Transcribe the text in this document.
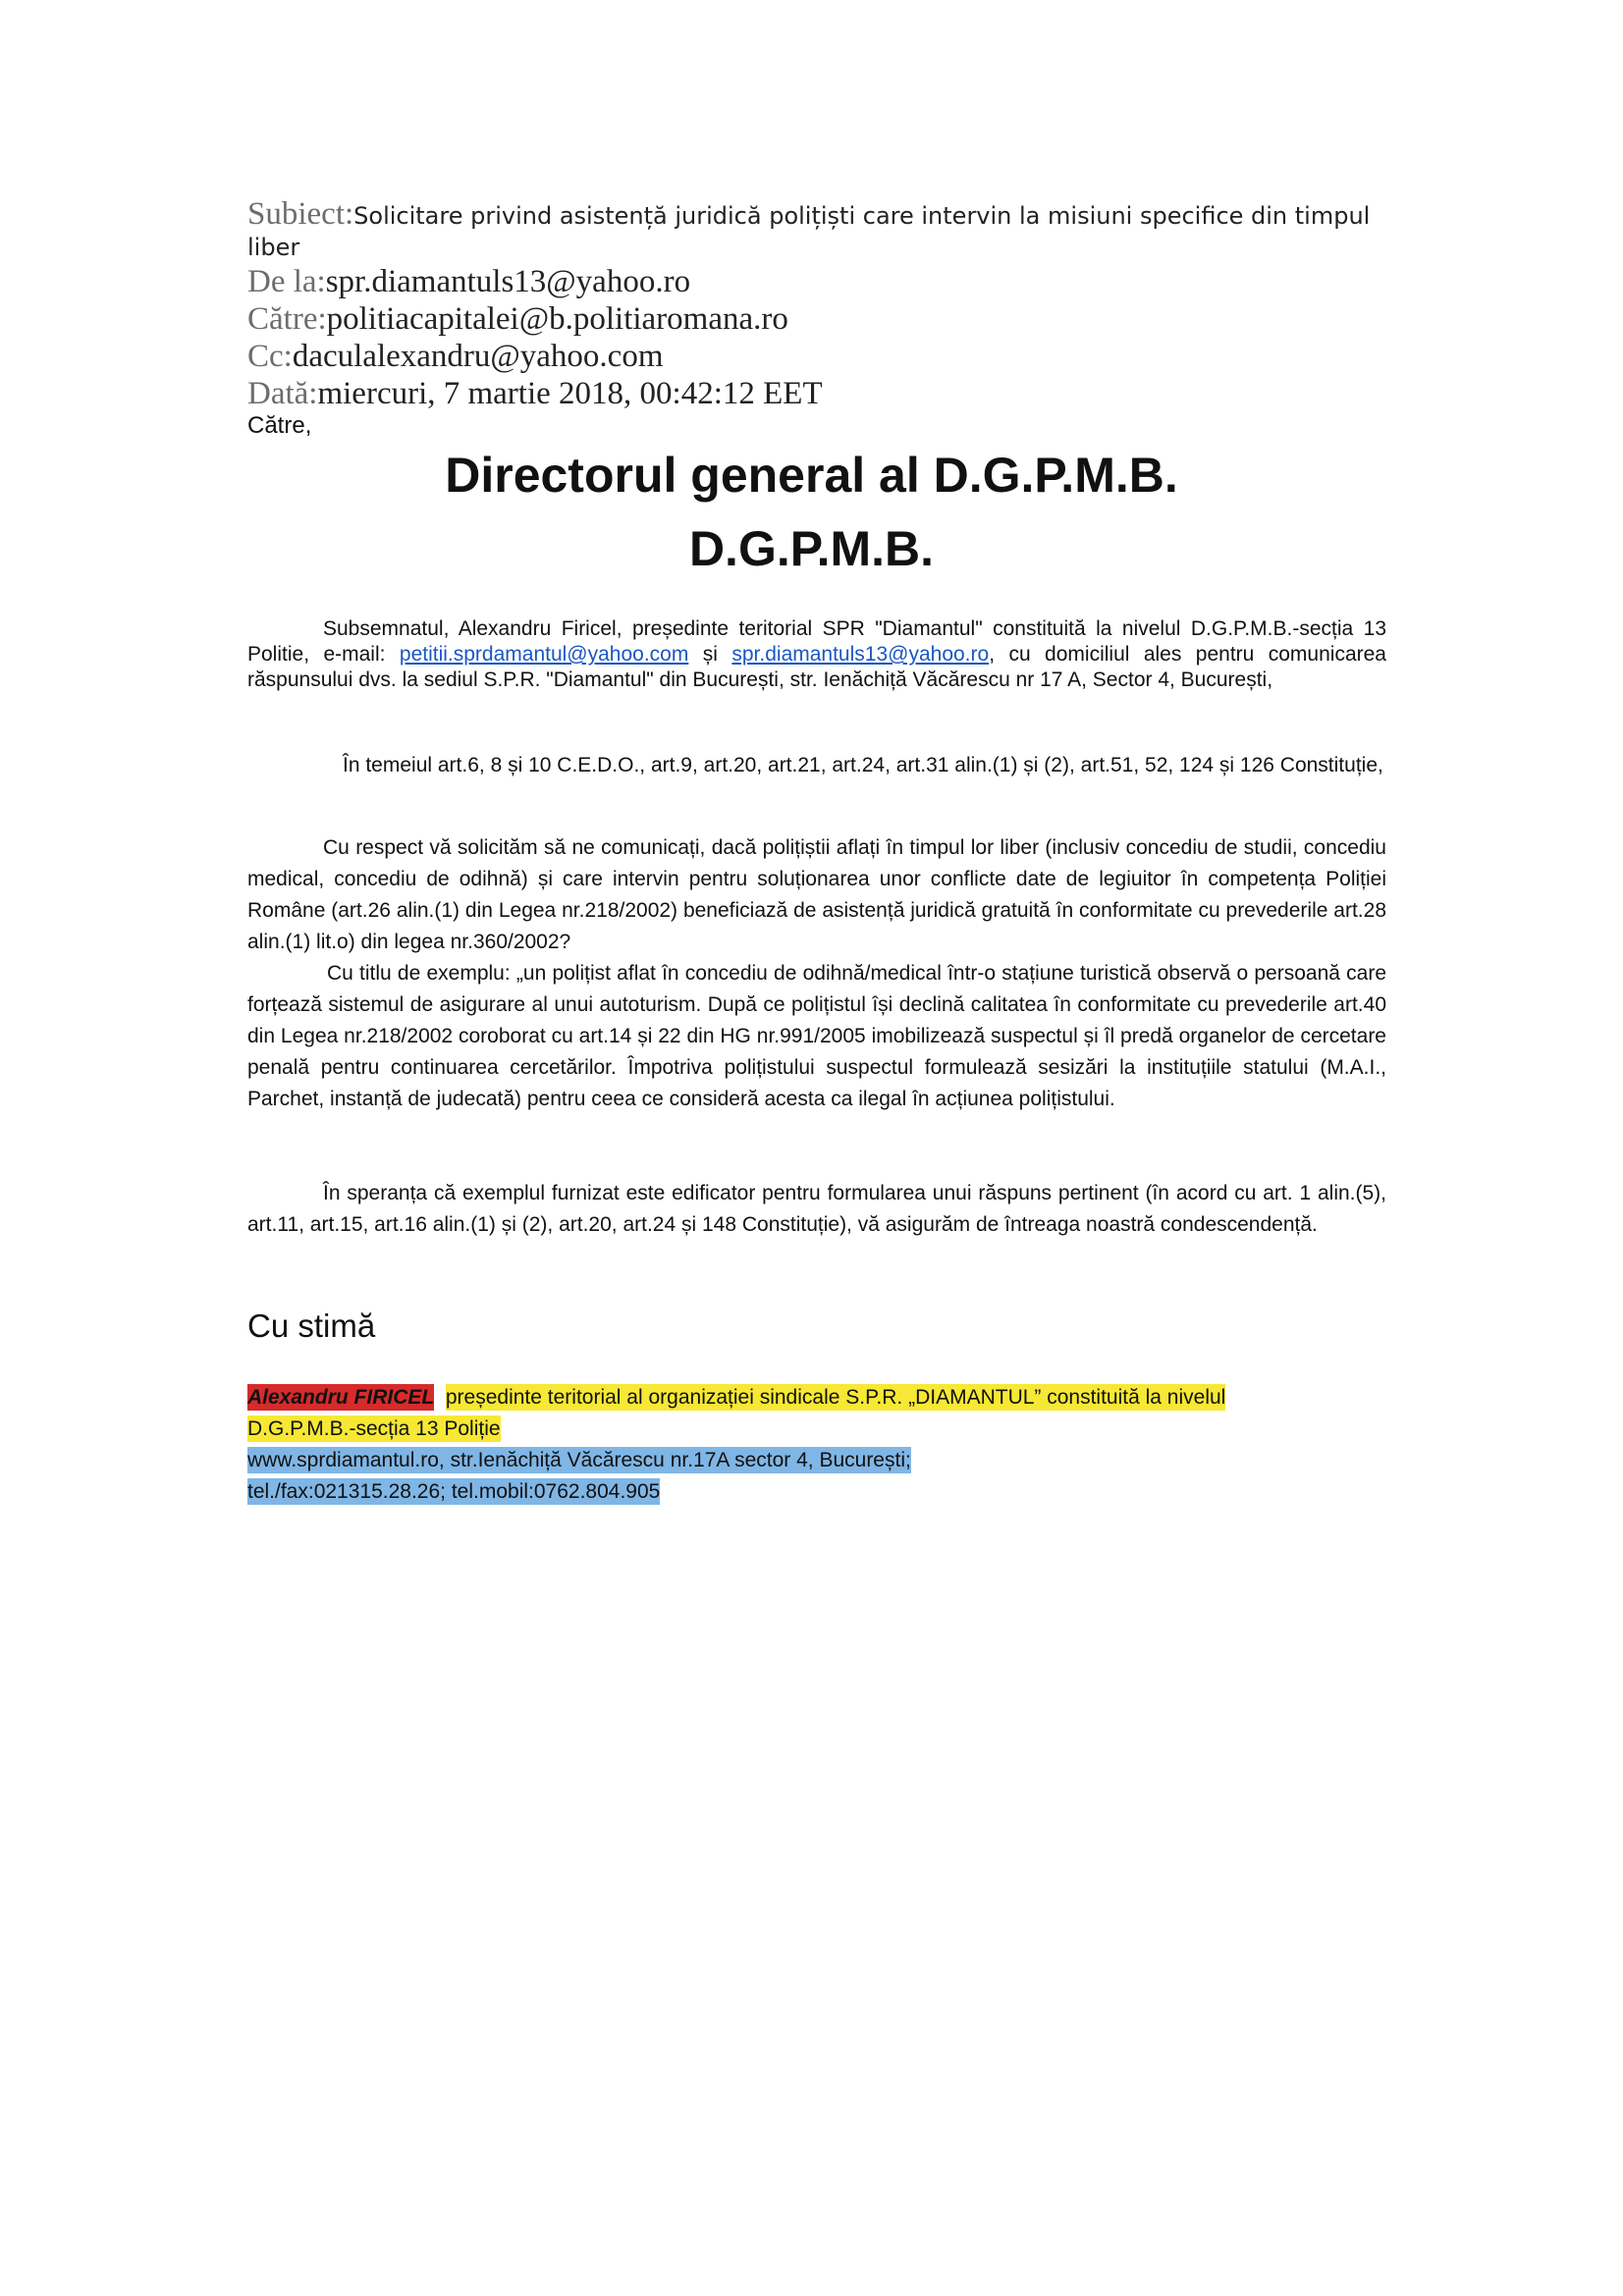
Subiect:Solicitare privind asistență juridică polițiști care intervin la misiuni specifice din timpul liber
De la:spr.diamantuls13@yahoo.ro
Către:politiacapitalei@b.politiaromana.ro
Cc:daculalexandru@yahoo.com
Dată:miercuri, 7 martie 2018, 00:42:12 EET
Către,
Directorul general al D.G.P.M.B.
D.G.P.M.B.
Subsemnatul, Alexandru Firicel, președinte teritorial SPR "Diamantul" constituită la nivelul D.G.P.M.B.-secția 13 Politie, e-mail: petitii.sprdamantul@yahoo.com și spr.diamantuls13@yahoo.ro, cu domiciliul ales pentru comunicarea răspunsului dvs. la sediul S.P.R. "Diamantul" din București, str. Ienăchiță Văcărescu nr 17 A, Sector 4, București,
În temeiul art.6, 8 și 10 C.E.D.O., art.9, art.20, art.21, art.24, art.31 alin.(1) și (2), art.51, 52, 124 și 126 Constituție,
Cu respect vă solicităm să ne comunicați, dacă polițiștii aflați în timpul lor liber (inclusiv concediu de studii, concediu medical, concediu de odihnă) și care intervin pentru soluționarea unor conflicte date de legiuitor în competența Poliției Române (art.26 alin.(1) din Legea nr.218/2002) beneficiază de asistență juridică gratuită în conformitate cu prevederile art.28 alin.(1) lit.o) din legea nr.360/2002?
Cu titlu de exemplu: „un polițist aflat în concediu de odihnă/medical într-o stațiune turistică observă o persoană care forțează sistemul de asigurare al unui autoturism. După ce polițistul își declină calitatea în conformitate cu prevederile art.40 din Legea nr.218/2002 coroborat cu art.14 și 22 din HG nr.991/2005 imobilizează suspectul și îl predă organelor de cercetare penală pentru continuarea cercetărilor. Împotriva polițistului suspectul formulează sesizări la instituțiile statului (M.A.I., Parchet, instanță de judecată) pentru ceea ce consideră acesta ca ilegal în acțiunea polițistului.
În speranța că exemplul furnizat este edificator pentru formularea unui răspuns pertinent (în acord cu art. 1 alin.(5), art.11, art.15, art.16 alin.(1) și (2), art.20, art.24 și 148 Constituție), vă asigurăm de întreaga noastră condescendență.
Cu stimă
Alexandru FIRICEL președinte teritorial al organizației sindicale S.P.R. „DIAMANTUL” constituită la nivelul
D.G.P.M.B.-secția 13 Poliție
www.sprdiamantul.ro, str.Ienăchiță Văcărescu nr.17A sector 4, București;
tel./fax:021315.28.26; tel.mobil:0762.804.905
